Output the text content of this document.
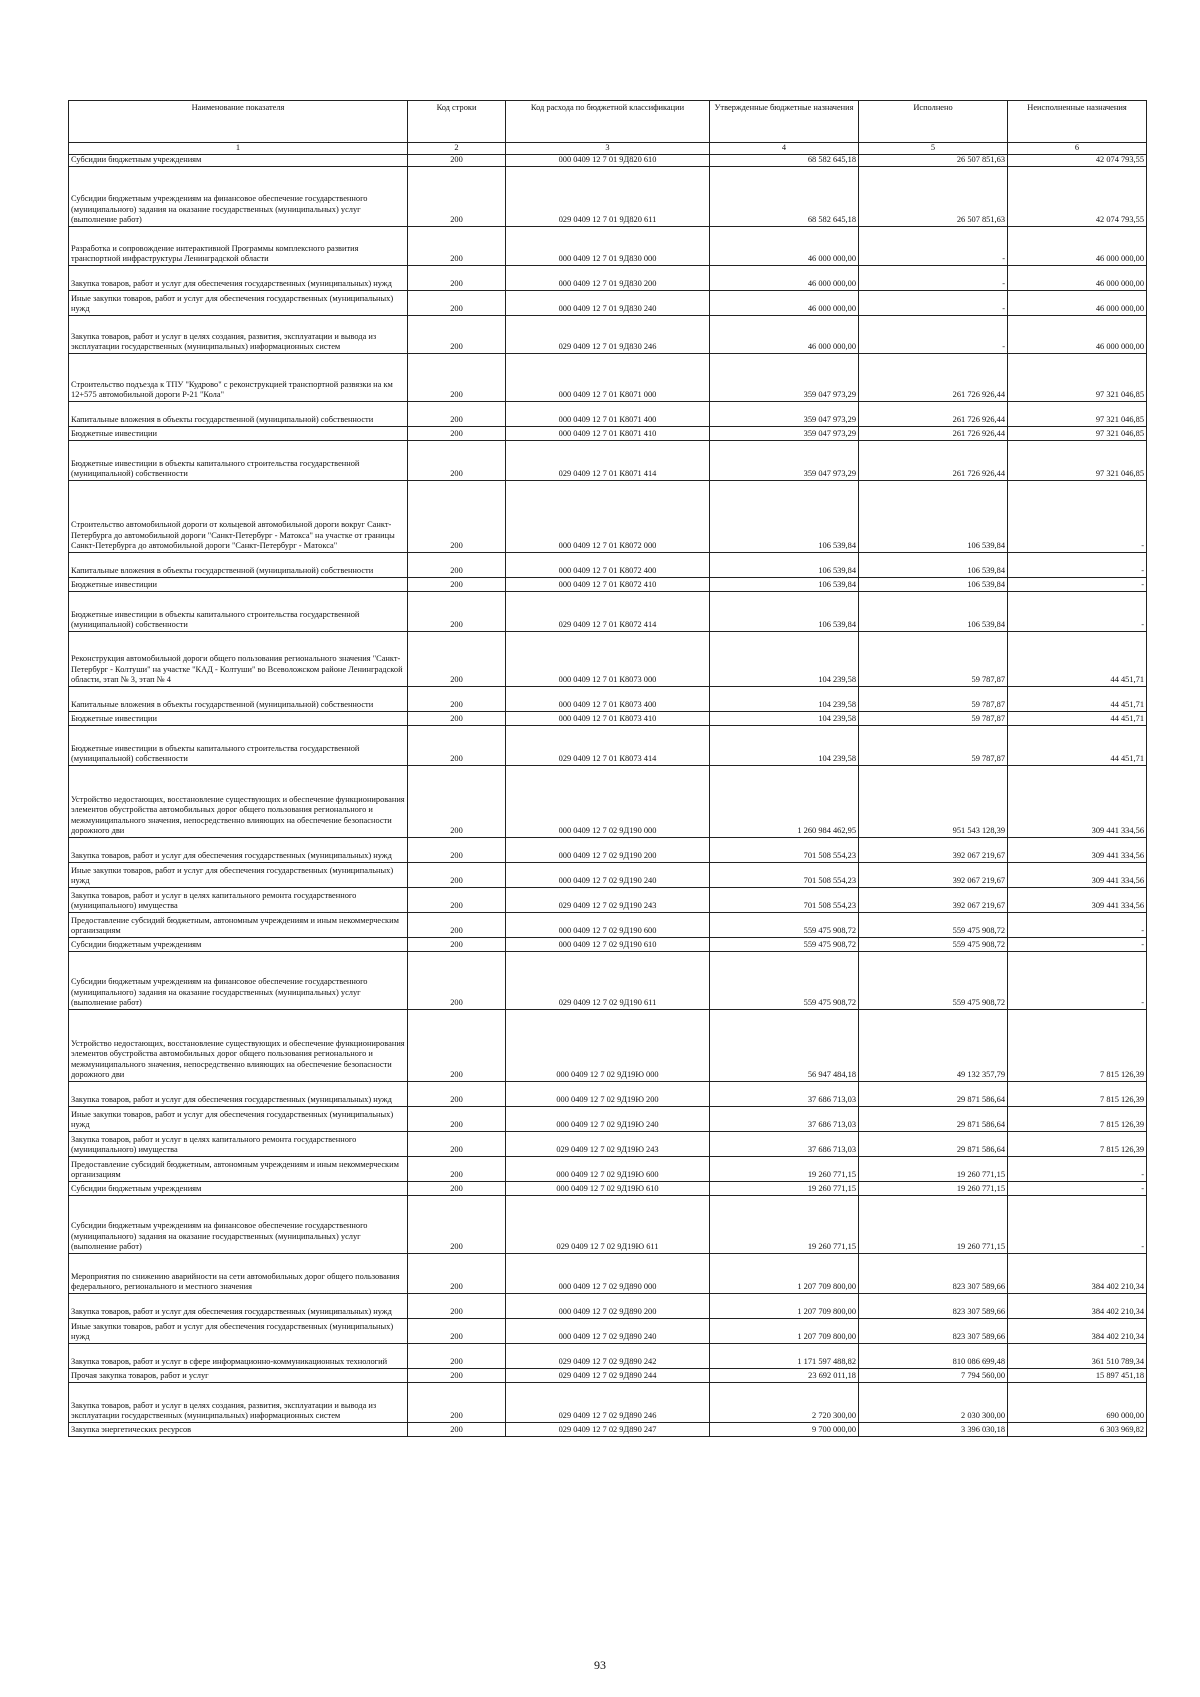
Наименование показателя	Код строки	Код расхода по бюджетной классификации	Утвержденные бюджетные назначения	Исполнено	Неисполненные назначения
1	2	3	4	5	6
Субсидии бюджетным учреждениям	200	000 0409 12 7 01 9Д820 610	68 582 645,18	26 507 851,63	42 074 793,55
Субсидии бюджетным учреждениям на финансовое обеспечение государственного (муниципального) задания на оказание государственных (муниципальных) услуг (выполнение работ)	200	029 0409 12 7 01 9Д820 611	68 582 645,18	26 507 851,63	42 074 793,55
Разработка и сопровождение интерактивной Программы комплексного развития транспортной инфраструктуры Ленинградской области	200	000 0409 12 7 01 9Д830 000	46 000 000,00	-	46 000 000,00
Закупка товаров, работ и услуг для обеспечения государственных (муниципальных) нужд	200	000 0409 12 7 01 9Д830 200	46 000 000,00	-	46 000 000,00
Иные закупки товаров, работ и услуг для обеспечения государственных (муниципальных) нужд	200	000 0409 12 7 01 9Д830 240	46 000 000,00	-	46 000 000,00
Закупка товаров, работ и услуг в целях создания, развития, эксплуатации и вывода из эксплуатации государственных (муниципальных) информационных систем	200	029 0409 12 7 01 9Д830 246	46 000 000,00	-	46 000 000,00
Строительство подъезда к ТПУ "Кудрово" с реконструкцией транспортной развязки на км 12+575 автомобильной дороги Р-21 "Кола"	200	000 0409 12 7 01 К8071 000	359 047 973,29	261 726 926,44	97 321 046,85
Капитальные вложения в объекты государственной (муниципальной) собственности	200	000 0409 12 7 01 К8071 400	359 047 973,29	261 726 926,44	97 321 046,85
Бюджетные инвестиции	200	000 0409 12 7 01 К8071 410	359 047 973,29	261 726 926,44	97 321 046,85
Бюджетные инвестиции в объекты капитального строительства государственной (муниципальной) собственности	200	029 0409 12 7 01 К8071 414	359 047 973,29	261 726 926,44	97 321 046,85
Строительство автомобильной дороги от кольцевой автомобильной дороги вокруг Санкт-Петербурга до автомобильной дороги "Санкт-Петербург - Матокса" на участке от границы Санкт-Петербурга до автомобильной дороги "Санкт-Петербург - Матокса"	200	000 0409 12 7 01 К8072 000	106 539,84	106 539,84	-
Капитальные вложения в объекты государственной (муниципальной) собственности	200	000 0409 12 7 01 К8072 400	106 539,84	106 539,84	-
Бюджетные инвестиции	200	000 0409 12 7 01 К8072 410	106 539,84	106 539,84	-
Бюджетные инвестиции в объекты капитального строительства государственной (муниципальной) собственности	200	029 0409 12 7 01 К8072 414	106 539,84	106 539,84	-
Реконструкция автомобильной дороги общего пользования регионального значения "Санкт-Петербург - Колтуши" на участке "КАД - Колтуши" во Всеволожском районе Ленинградской области, этап № 3, этап № 4	200	000 0409 12 7 01 К8073 000	104 239,58	59 787,87	44 451,71
Капитальные вложения в объекты государственной (муниципальной) собственности	200	000 0409 12 7 01 К8073 400	104 239,58	59 787,87	44 451,71
Бюджетные инвестиции	200	000 0409 12 7 01 К8073 410	104 239,58	59 787,87	44 451,71
Бюджетные инвестиции в объекты капитального строительства государственной (муниципальной) собственности	200	029 0409 12 7 01 К8073 414	104 239,58	59 787,87	44 451,71
Устройство недостающих, восстановление существующих и обеспечение функционирования элементов обустройства автомобильных дорог общего пользования регионального и межмуниципального значения, непосредственно влияющих на обеспечение безопасности дорожного дви	200	000 0409 12 7 02 9Д190 000	1 260 984 462,95	951 543 128,39	309 441 334,56
Закупка товаров, работ и услуг для обеспечения государственных (муниципальных) нужд	200	000 0409 12 7 02 9Д190 200	701 508 554,23	392 067 219,67	309 441 334,56
Иные закупки товаров, работ и услуг для обеспечения государственных (муниципальных) нужд	200	000 0409 12 7 02 9Д190 240	701 508 554,23	392 067 219,67	309 441 334,56
Закупка товаров, работ и услуг в целях капитального ремонта государственного (муниципального) имущества	200	029 0409 12 7 02 9Д190 243	701 508 554,23	392 067 219,67	309 441 334,56
Предоставление субсидий бюджетным, автономным учреждениям и иным некоммерческим организациям	200	000 0409 12 7 02 9Д190 600	559 475 908,72	559 475 908,72	-
Субсидии бюджетным учреждениям	200	000 0409 12 7 02 9Д190 610	559 475 908,72	559 475 908,72	-
Субсидии бюджетным учреждениям на финансовое обеспечение государственного (муниципального) задания на оказание государственных (муниципальных) услуг (выполнение работ)	200	029 0409 12 7 02 9Д190 611	559 475 908,72	559 475 908,72	-
Устройство недостающих, восстановление существующих и обеспечение функционирования элементов обустройства автомобильных дорог общего пользования регионального и межмуниципального значения, непосредственно влияющих на обеспечение безопасности дорожного дви	200	000 0409 12 7 02 9Д19Ю 000	56 947 484,18	49 132 357,79	7 815 126,39
Закупка товаров, работ и услуг для обеспечения государственных (муниципальных) нужд	200	000 0409 12 7 02 9Д19Ю 200	37 686 713,03	29 871 586,64	7 815 126,39
Иные закупки товаров, работ и услуг для обеспечения государственных (муниципальных) нужд	200	000 0409 12 7 02 9Д19Ю 240	37 686 713,03	29 871 586,64	7 815 126,39
Закупка товаров, работ и услуг в целях капитального ремонта государственного (муниципального) имущества	200	029 0409 12 7 02 9Д19Ю 243	37 686 713,03	29 871 586,64	7 815 126,39
Предоставление субсидий бюджетным, автономным учреждениям и иным некоммерческим организациям	200	000 0409 12 7 02 9Д19Ю 600	19 260 771,15	19 260 771,15	-
Субсидии бюджетным учреждениям	200	000 0409 12 7 02 9Д19Ю 610	19 260 771,15	19 260 771,15	-
Субсидии бюджетным учреждениям на финансовое обеспечение государственного (муниципального) задания на оказание государственных (муниципальных) услуг (выполнение работ)	200	029 0409 12 7 02 9Д19Ю 611	19 260 771,15	19 260 771,15	-
Мероприятия по снижению аварийности на сети автомобильных дорог общего пользования федерального, регионального и местного значения	200	000 0409 12 7 02 9Д890 000	1 207 709 800,00	823 307 589,66	384 402 210,34
Закупка товаров, работ и услуг для обеспечения государственных (муниципальных) нужд	200	000 0409 12 7 02 9Д890 200	1 207 709 800,00	823 307 589,66	384 402 210,34
Иные закупки товаров, работ и услуг для обеспечения государственных (муниципальных) нужд	200	000 0409 12 7 02 9Д890 240	1 207 709 800,00	823 307 589,66	384 402 210,34
Закупка товаров, работ и услуг в сфере информационно-коммуникационных технологий	200	029 0409 12 7 02 9Д890 242	1 171 597 488,82	810 086 699,48	361 510 789,34
Прочая закупка товаров, работ и услуг	200	029 0409 12 7 02 9Д890 244	23 692 011,18	7 794 560,00	15 897 451,18
Закупка товаров, работ и услуг в целях создания, развития, эксплуатации и вывода из эксплуатации государственных (муниципальных) информационных систем	200	029 0409 12 7 02 9Д890 246	2 720 300,00	2 030 300,00	690 000,00
Закупка энергетических ресурсов	200	029 0409 12 7 02 9Д890 247	9 700 000,00	3 396 030,18	6 303 969,82
93
